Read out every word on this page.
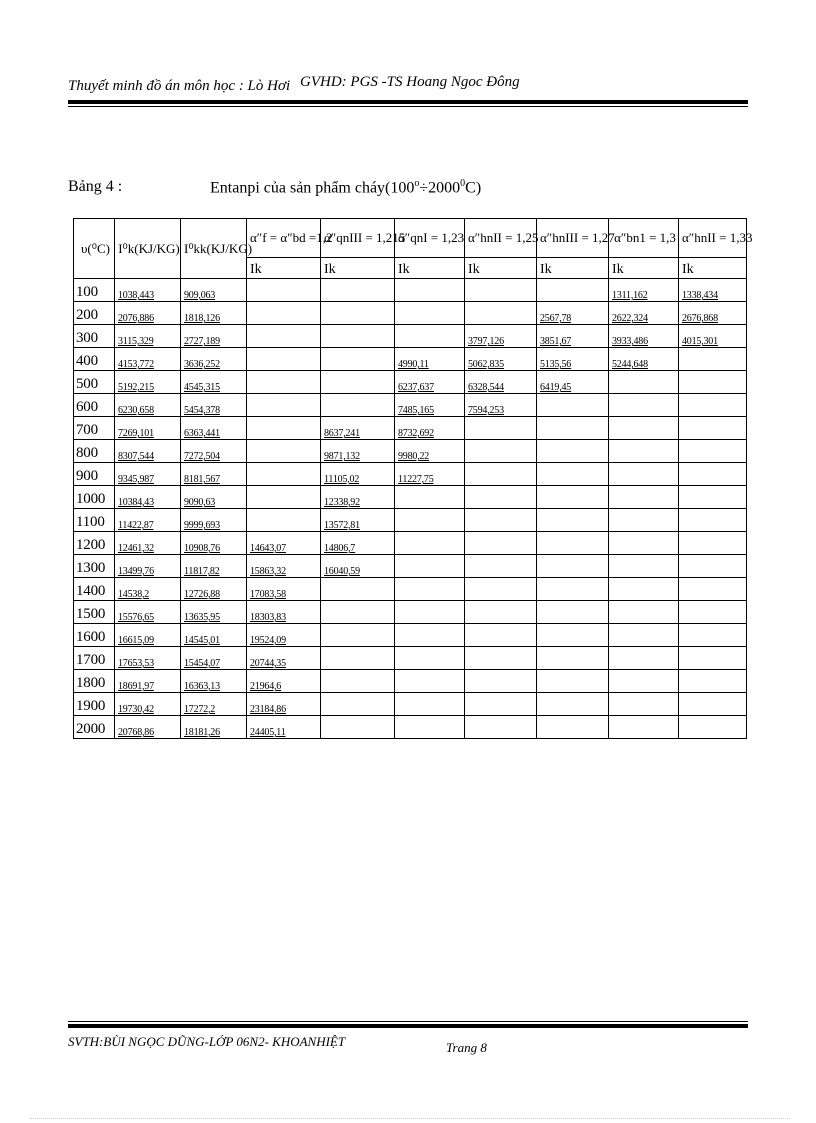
Thuyết minh đồ án môn học : Lò Hơi GVHD: PGS -TS Hoang Ngoc Đông
Bảng 4 :	Entanpi của sản phẩm $cháy(100^o\div 2000^0C)$
υ(⁰C)	I⁰k(KJ/KG)	I⁰kk(KJ/KG)	α″f = α″bd =1,2	α″qnIII = 1,215	α″qnI = 1,23	α″hnII = 1,25	α″hnIII = 1,27	α″bn1 = 1,3	α″hnII = 1,33
			Ik	Ik	Ik	Ik	Ik	Ik	Ik
100	1038,443	909,063						1311,162	1338,434
200	2076,886	1818,126					2567,78	2622,324	2676,868
300	3115,329	2727,189				3797,126	3851,67	3933,486	4015,301
400	4153,772	3636,252			4990,11	5062,835	5135,56	5244,648	
500	5192,215	4545,315			6237,637	6328,544	6419,45		
600	6230,658	5454,378			7485,165	7594,253			
700	7269,101	6363,441		8637,241	8732,692				
800	8307,544	7272,504		9871,132	9980,22				
900	9345,987	8181,567		11105,02	11227,75				
1000	10384,43	9090,63		12338,92					
1100	11422,87	9999,693		13572,81					
1200	12461,32	10908,76	14643,07	14806,7					
1300	13499,76	11817,82	15863,32	16040,59					
1400	14538,2	12726,88	17083,58						
1500	15576,65	13635,95	18303,83						
1600	16615,09	14545,01	19524,09						
1700	17653,53	15454,07	20744,35						
1800	18691,97	16363,13	21964,6						
1900	19730,42	17272,2	23184,86						
2000	20768,86	18181,26	24405,11						
SVTH:BÙI NGỌC DŨNG-LỚP 06N2- KHOANHIỆT	Trang 8
